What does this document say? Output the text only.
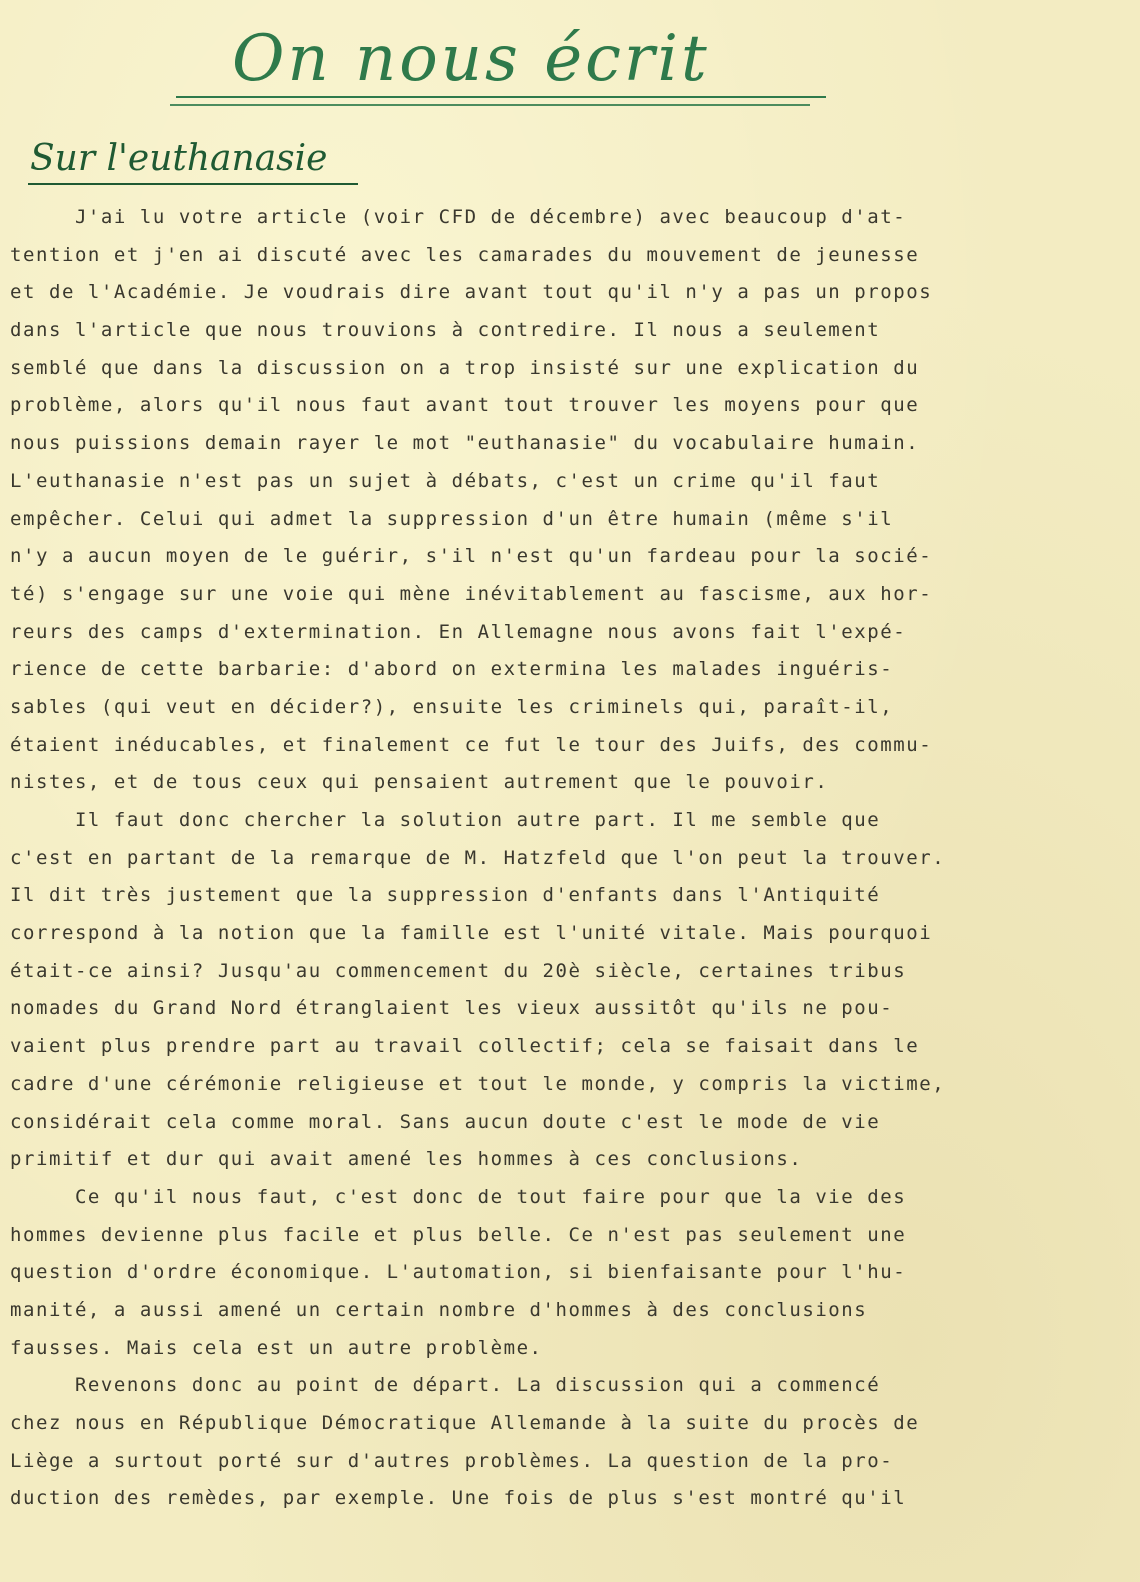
On nous écrit
Sur l'euthanasie
J'ai lu votre article (voir CFD de décembre) avec beaucoup d'at-
tention et j'en ai discuté avec les camarades du mouvement de jeunesse
et de l'Académie. Je voudrais dire avant tout qu'il n'y a pas un propos
dans l'article que nous trouvions à contredire. Il nous a seulement
semblé que dans la discussion on a trop insisté sur une explication du
problème, alors qu'il nous faut avant tout trouver les moyens pour que
nous puissions demain rayer le mot "euthanasie" du vocabulaire humain.
L'euthanasie n'est pas un sujet à débats, c'est un crime qu'il faut
empêcher. Celui qui admet la suppression d'un être humain (même s'il
n'y a aucun moyen de le guérir, s'il n'est qu'un fardeau pour la socié-
té) s'engage sur une voie qui mène inévitablement au fascisme, aux hor-
reurs des camps d'extermination. En Allemagne nous avons fait l'expé-
rience de cette barbarie: d'abord on extermina les malades inguéris-
sables (qui veut en décider?), ensuite les criminels qui, paraît-il,
étaient inéducables, et finalement ce fut le tour des Juifs, des commu-
nistes, et de tous ceux qui pensaient autrement que le pouvoir.
Il faut donc chercher la solution autre part. Il me semble que
c'est en partant de la remarque de M. Hatzfeld que l'on peut la trouver.
Il dit très justement que la suppression d'enfants dans l'Antiquité
correspond à la notion que la famille est l'unité vitale. Mais pourquoi
était-ce ainsi? Jusqu'au commencement du 20è siècle, certaines tribus
nomades du Grand Nord étranglaient les vieux aussitôt qu'ils ne pou-
vaient plus prendre part au travail collectif; cela se faisait dans le
cadre d'une cérémonie religieuse et tout le monde, y compris la victime,
considérait cela comme moral. Sans aucun doute c'est le mode de vie
primitif et dur qui avait amené les hommes à ces conclusions.
Ce qu'il nous faut, c'est donc de tout faire pour que la vie des
hommes devienne plus facile et plus belle. Ce n'est pas seulement une
question d'ordre économique. L'automation, si bienfaisante pour l'hu-
manité, a aussi amené un certain nombre d'hommes à des conclusions
fausses. Mais cela est un autre problème.
Revenons donc au point de départ. La discussion qui a commencé
chez nous en République Démocratique Allemande à la suite du procès de
Liège a surtout porté sur d'autres problèmes. La question de la pro-
duction des remèdes, par exemple. Une fois de plus s'est montré qu'il
